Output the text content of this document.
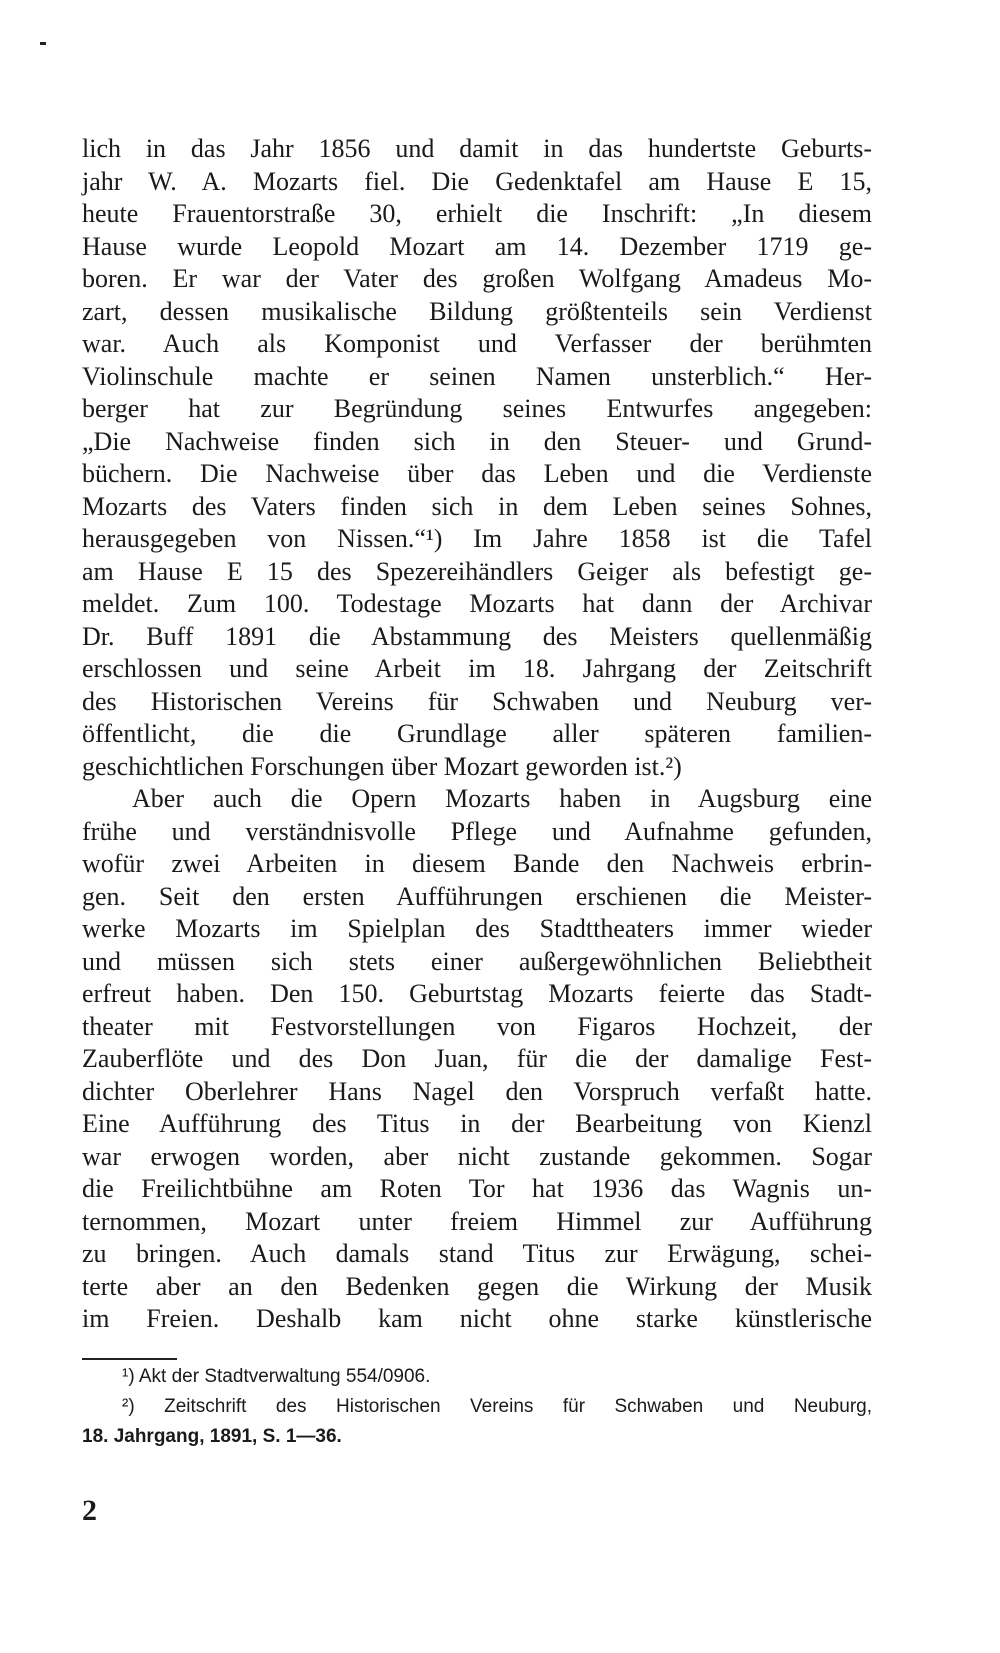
lich in das Jahr 1856 und damit in das hundertste Geburts-
jahr W. A. Mozarts fiel. Die Gedenktafel am Hause E 15,
heute Frauentorstraße 30, erhielt die Inschrift: „In diesem
Hause wurde Leopold Mozart am 14. Dezember 1719 ge-
boren. Er war der Vater des großen Wolfgang Amadeus Mo-
zart, dessen musikalische Bildung größtenteils sein Verdienst
war. Auch als Komponist und Verfasser der berühmten
Violinschule machte er seinen Namen unsterblich.“ Her-
berger hat zur Begründung seines Entwurfes angegeben:
„Die Nachweise finden sich in den Steuer- und Grund-
büchern. Die Nachweise über das Leben und die Verdienste
Mozarts des Vaters finden sich in dem Leben seines Sohnes,
herausgegeben von Nissen.“¹) Im Jahre 1858 ist die Tafel
am Hause E 15 des Spezereihändlers Geiger als befestigt ge-
meldet. Zum 100. Todestage Mozarts hat dann der Archivar
Dr. Buff 1891 die Abstammung des Meisters quellenmäßig
erschlossen und seine Arbeit im 18. Jahrgang der Zeitschrift
des Historischen Vereins für Schwaben und Neuburg ver-
öffentlicht, die die Grundlage aller späteren familien-
geschichtlichen Forschungen über Mozart geworden ist.²)
Aber auch die Opern Mozarts haben in Augsburg eine
frühe und verständnisvolle Pflege und Aufnahme gefunden,
wofür zwei Arbeiten in diesem Bande den Nachweis erbrin-
gen. Seit den ersten Aufführungen erschienen die Meister-
werke Mozarts im Spielplan des Stadttheaters immer wieder
und müssen sich stets einer außergewöhnlichen Beliebtheit
erfreut haben. Den 150. Geburtstag Mozarts feierte das Stadt-
theater mit Festvorstellungen von Figaros Hochzeit, der
Zauberflöte und des Don Juan, für die der damalige Fest-
dichter Oberlehrer Hans Nagel den Vorspruch verfaßt hatte.
Eine Aufführung des Titus in der Bearbeitung von Kienzl
war erwogen worden, aber nicht zustande gekommen. Sogar
die Freilichtbühne am Roten Tor hat 1936 das Wagnis un-
ternommen, Mozart unter freiem Himmel zur Aufführung
zu bringen. Auch damals stand Titus zur Erwägung, schei-
terte aber an den Bedenken gegen die Wirkung der Musik
im Freien. Deshalb kam nicht ohne starke künstlerische
¹) Akt der Stadtverwaltung 554/0906.
²) Zeitschrift des Historischen Vereins für Schwaben und Neuburg,
18. Jahrgang, 1891, S. 1—36.
2
